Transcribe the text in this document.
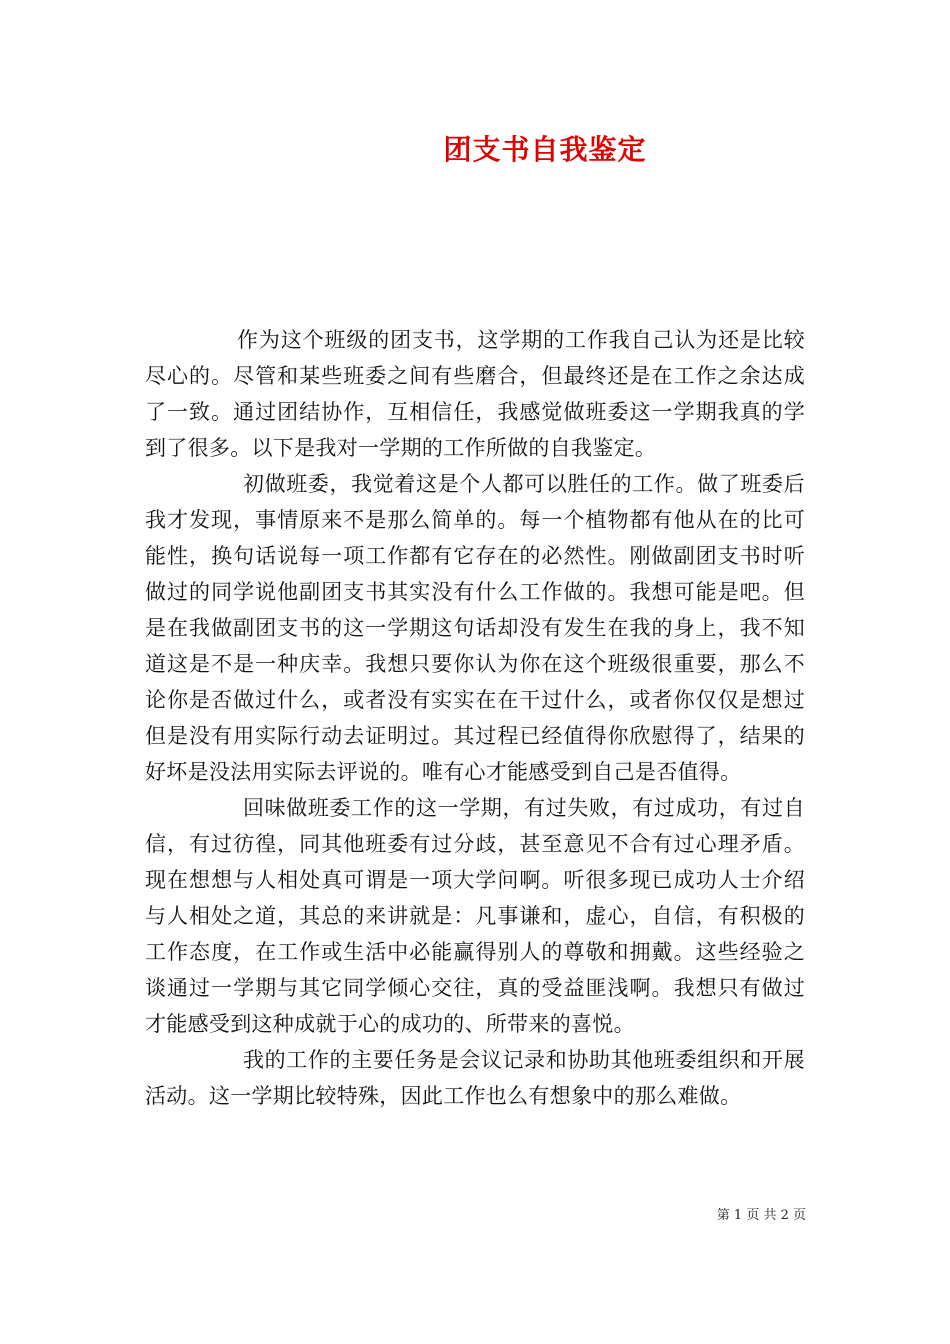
团支书自我鉴定

作为这个班级的团支书，这学期的工作我自己认为还是比较尽心的。尽管和某些班委之间有些磨合，但最终还是在工作之余达成了一致。通过团结协作，互相信任，我感觉做班委这一学期我真的学到了很多。以下是我对一学期的工作所做的自我鉴定。

初做班委，我觉着这是个人都可以胜任的工作。做了班委后我才发现，事情原来不是那么简单的。每一个植物都有他从在的比可能性，换句话说每一项工作都有它存在的必然性。刚做副团支书时听做过的同学说他副团支书其实没有什么工作做的。我想可能是吧。但是在我做副团支书的这一学期这句话却没有发生在我的身上，我不知道这是不是一种庆幸。我想只要你认为你在这个班级很重要，那么不论你是否做过什么，或者没有实实在在干过什么，或者你仅仅是想过但是没有用实际行动去证明过。其过程已经值得你欣慰得了，结果的好坏是没法用实际去评说的。唯有心才能感受到自己是否值得。

回味做班委工作的这一学期，有过失败，有过成功，有过自信，有过彷徨，同其他班委有过分歧，甚至意见不合有过心理矛盾。现在想想与人相处真可谓是一项大学问啊。听很多现已成功人士介绍与人相处之道，其总的来讲就是：凡事谦和，虚心，自信，有积极的工作态度，在工作或生活中必能赢得别人的尊敬和拥戴。这些经验之谈通过一学期与其它同学倾心交往，真的受益匪浅啊。我想只有做过才能感受到这种成就于心的成功的、所带来的喜悦。

我的工作的主要任务是会议记录和协助其他班委组织和开展活动。这一学期比较特殊，因此工作也么有想象中的那么难做。

第 1 页 共 2 页
